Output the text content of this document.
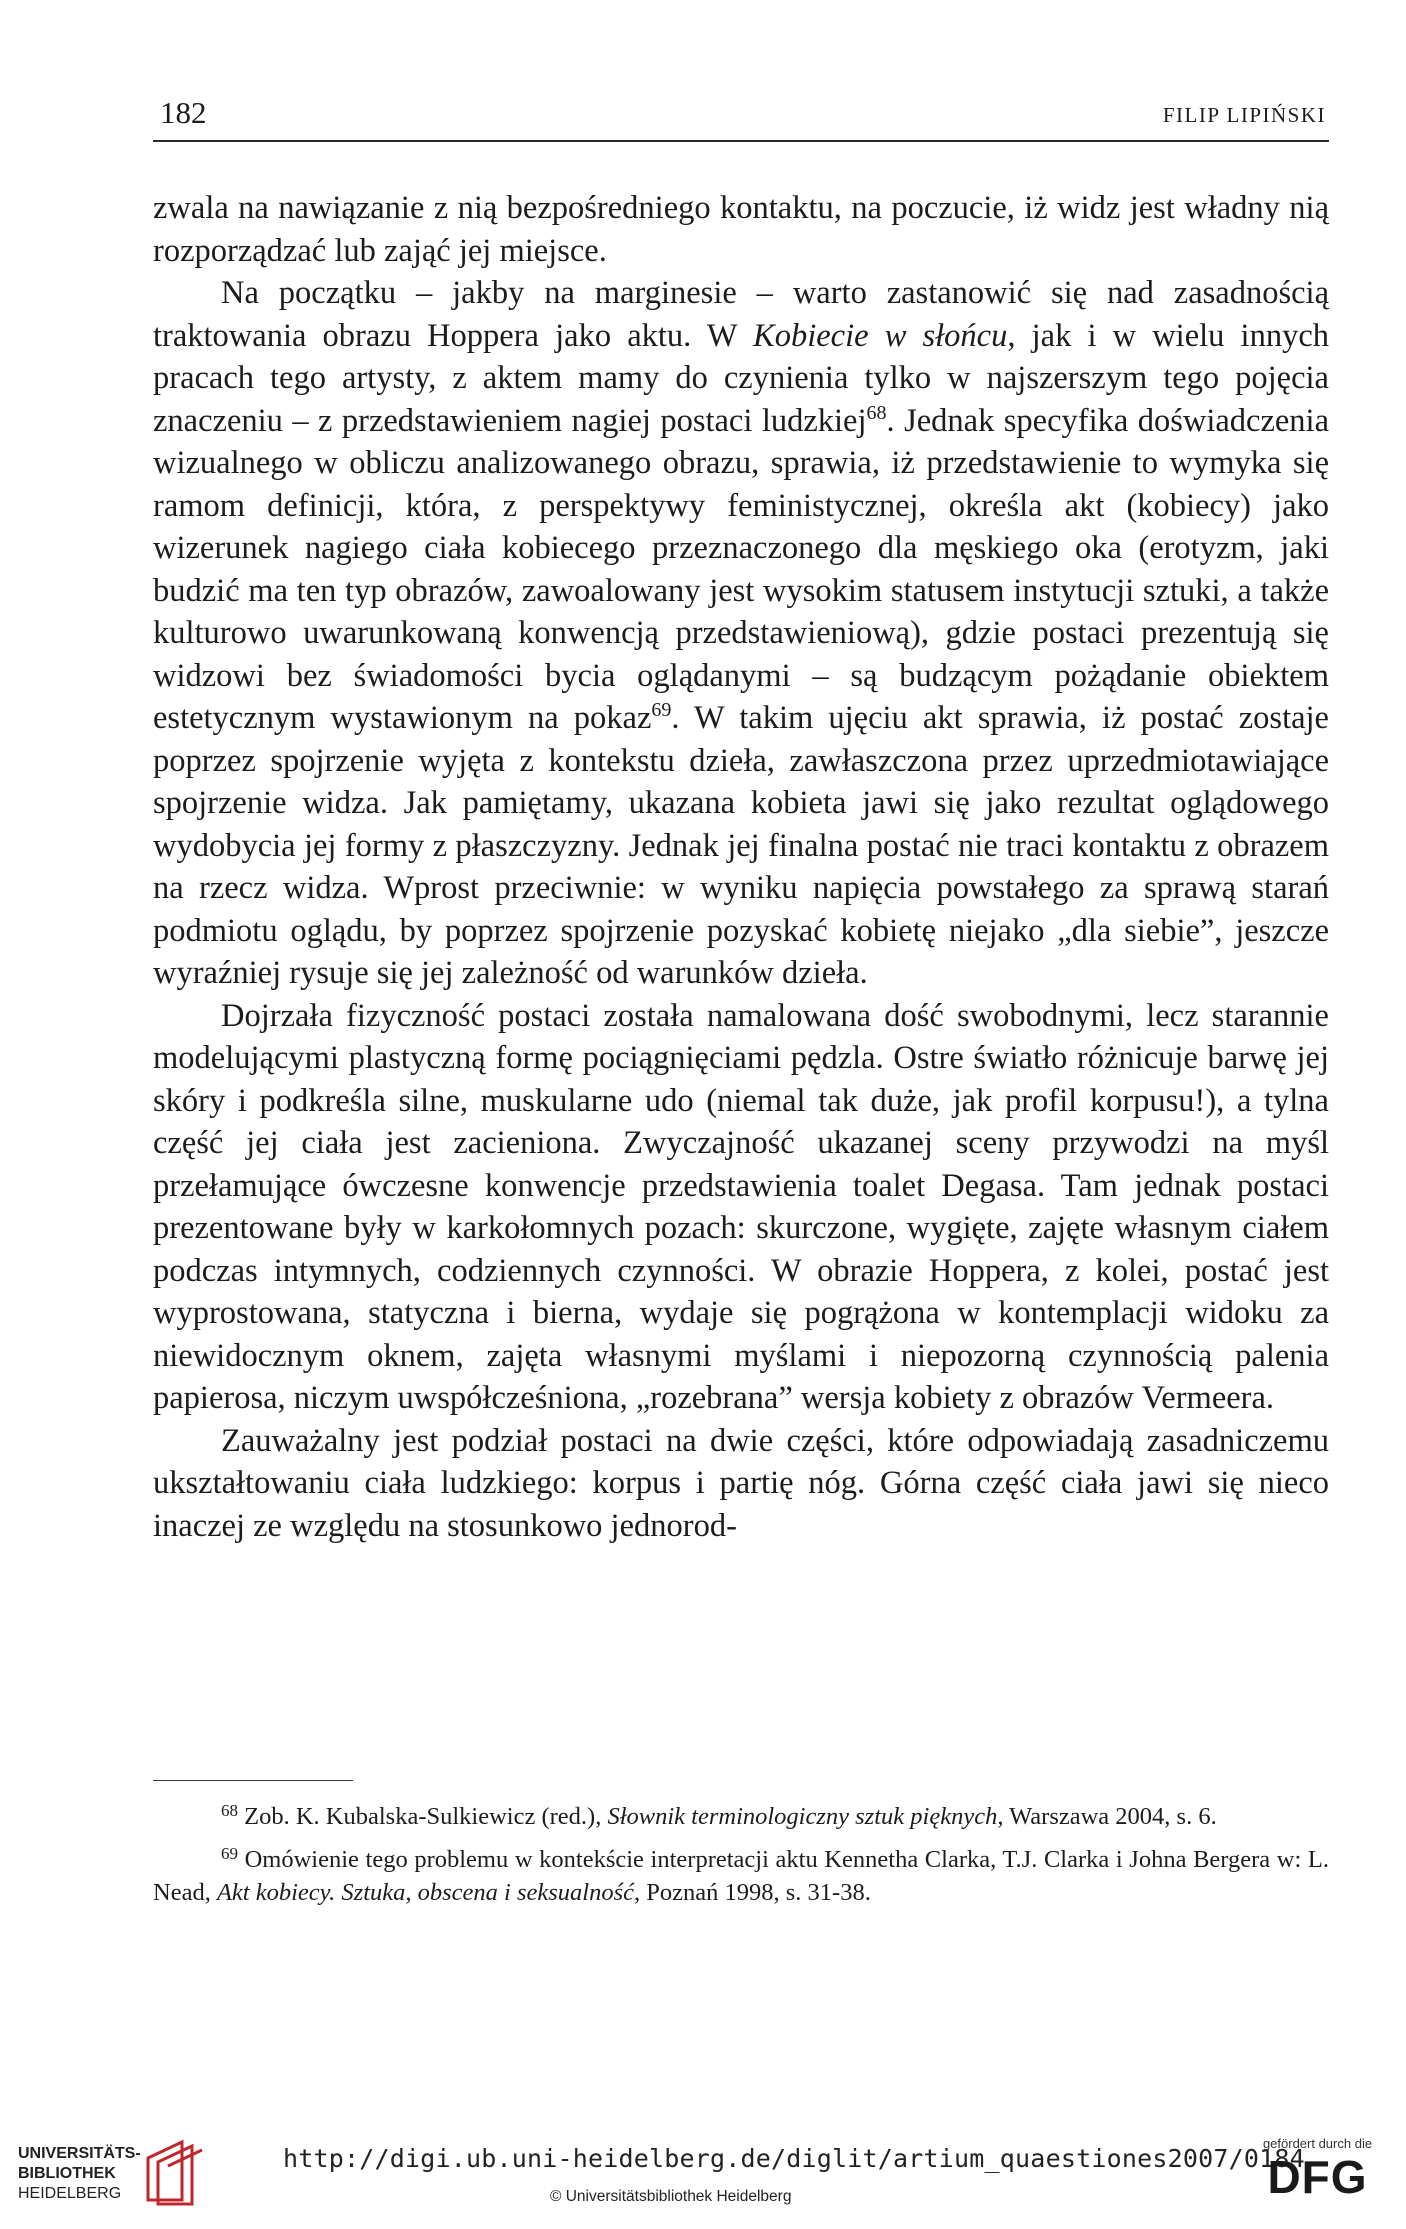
182	FILIP LIPIŃSKI

zwala na nawiązanie z nią bezpośredniego kontaktu, na poczucie, iż widz jest władny nią rozporządzać lub zająć jej miejsce.

Na początku – jakby na marginesie – warto zastanowić się nad zasadnością traktowania obrazu Hoppera jako aktu. W Kobiecie w słońcu, jak i w wielu innych pracach tego artysty, z aktem mamy do czynienia tylko w najszerszym tego pojęcia znaczeniu – z przedstawieniem nagiej postaci ludzkiej$^{68}$. Jednak specyfika doświadczenia wizualnego w obliczu analizowanego obrazu, sprawia, iż przedstawienie to wymyka się ramom definicji, która, z perspektywy feministycznej, określa akt (kobiecy) jako wizerunek nagiego ciała kobiecego przeznaczonego dla męskiego oka (erotyzm, jaki budzić ma ten typ obrazów, zawoalowany jest wysokim statusem instytucji sztuki, a także kulturowo uwarunkowaną konwencją przedstawieniową), gdzie postaci prezentują się widzowi bez świadomości bycia oglądanymi – są budzącym pożądanie obiektem estetycznym wystawionym na pokaz$^{69}$. W takim ujęciu akt sprawia, iż postać zostaje poprzez spojrzenie wyjęta z kontekstu dzieła, zawłaszczona przez uprzedmiotawiające spojrzenie widza. Jak pamiętamy, ukazana kobieta jawi się jako rezultat oglądowego wydobycia jej formy z płaszczyzny. Jednak jej finalna postać nie traci kontaktu z obrazem na rzecz widza. Wprost przeciwnie: w wyniku napięcia powstałego za sprawą starań podmiotu oglądu, by poprzez spojrzenie pozyskać kobietę niejako „dla siebie”, jeszcze wyraźniej rysuje się jej zależność od warunków dzieła.

Dojrzała fizyczność postaci została namalowana dość swobodnymi, lecz starannie modelującymi plastyczną formę pociągnięciami pędzla. Ostre światło różnicuje barwę jej skóry i podkreśla silne, muskularne udo (niemal tak duże, jak profil korpusu!), a tylna część jej ciała jest zacieniona. Zwyczajność ukazanej sceny przywodzi na myśl przełamujące ówczesne konwencje przedstawienia toalet Degasa. Tam jednak postaci prezentowane były w karkołomnych pozach: skurczone, wygięte, zajęte własnym ciałem podczas intymnych, codziennych czynności. W obrazie Hoppera, z kolei, postać jest wyprostowana, statyczna i bierna, wydaje się pogrążona w kontemplacji widoku za niewidocznym oknem, zajęta własnymi myślami i niepozorną czynnością palenia papierosa, niczym uwspółcześniona, „rozebrana” wersja kobiety z obrazów Vermeera.

Zauważalny jest podział postaci na dwie części, które odpowiadają zasadniczemu ukształtowaniu ciała ludzkiego: korpus i partię nóg. Górna część ciała jawi się nieco inaczej ze względu na stosunkowo jednorod-

$^{68}$ Zob. K. Kubalska-Sulkiewicz (red.), Słownik terminologiczny sztuk pięknych, Warszawa 2004, s. 6.

$^{69}$ Omówienie tego problemu w kontekście interpretacji aktu Kennetha Clarka, T.J. Clarka i Johna Bergera w: L. Nead, Akt kobiecy. Sztuka, obscena i seksualność, Poznań 1998, s. 31-38.

UNIVERSITÄTS-
BIBLIOTHEK
HEIDELBERG
http://digi.ub.uni-heidelberg.de/diglit/artium_quaestiones2007/0184
© Universitätsbibliothek Heidelberg
gefördert durch die
DFG
